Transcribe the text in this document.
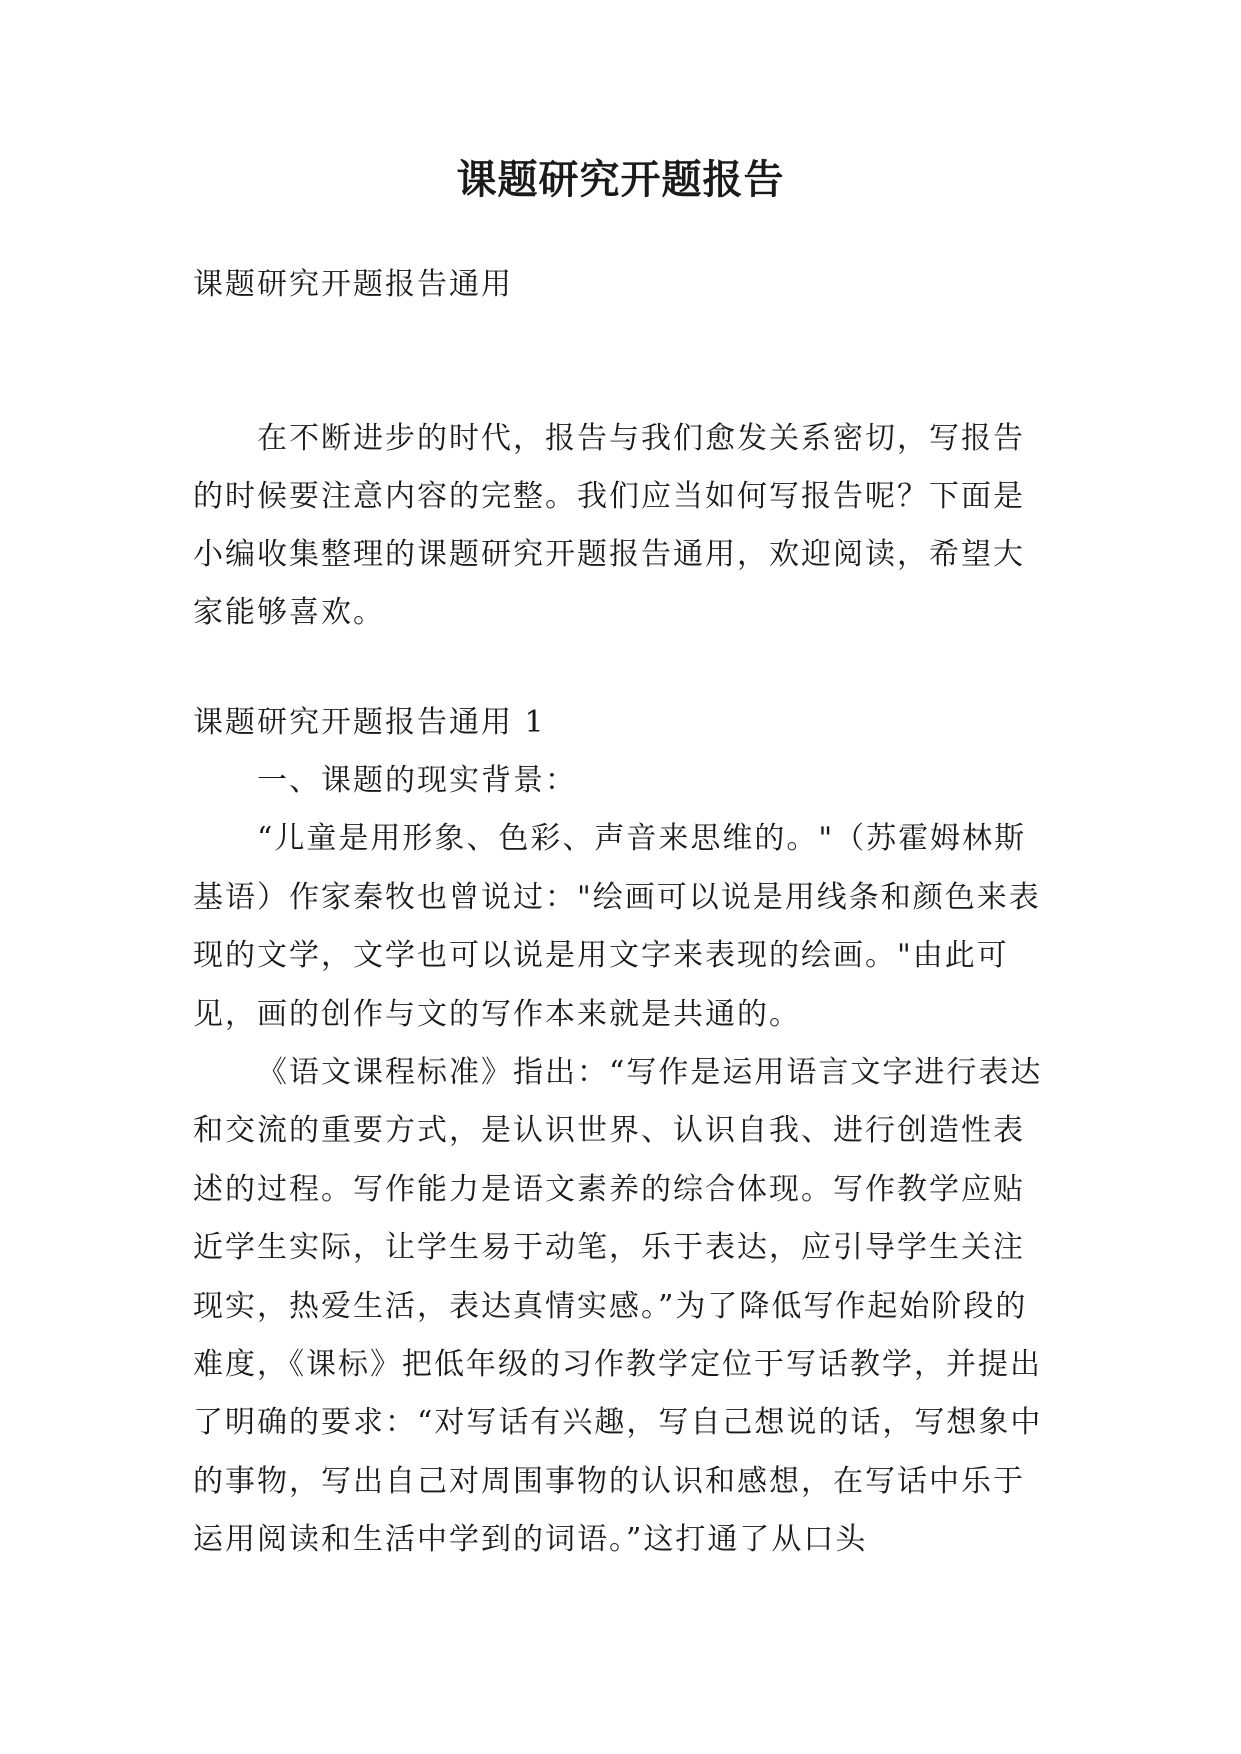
课题研究开题报告

课题研究开题报告通用

在不断进步的时代，报告与我们愈发关系密切，写报告的时候要注意内容的完整。我们应当如何写报告呢？下面是小编收集整理的课题研究开题报告通用，欢迎阅读，希望大家能够喜欢。

课题研究开题报告通用 1

一、课题的现实背景：

“儿童是用形象、色彩、声音来思维的。"（苏霍姆林斯基语）作家秦牧也曾说过："绘画可以说是用线条和颜色来表现的文学，文学也可以说是用文字来表现的绘画。"由此可见，画的创作与文的写作本来就是共通的。

《语文课程标准》指出：“写作是运用语言文字进行表达和交流的重要方式，是认识世界、认识自我、进行创造性表述的过程。写作能力是语文素养的综合体现。写作教学应贴近学生实际，让学生易于动笔，乐于表达，应引导学生关注现实，热爱生活，表达真情实感。”为了降低写作起始阶段的难度，《课标》把低年级的习作教学定位于写话教学，并提出了明确的要求：“对写话有兴趣，写自己想说的话，写想象中的事物，写出自己对周围事物的认识和感想，在写话中乐于运用阅读和生活中学到的词语。”这打通了从口头
